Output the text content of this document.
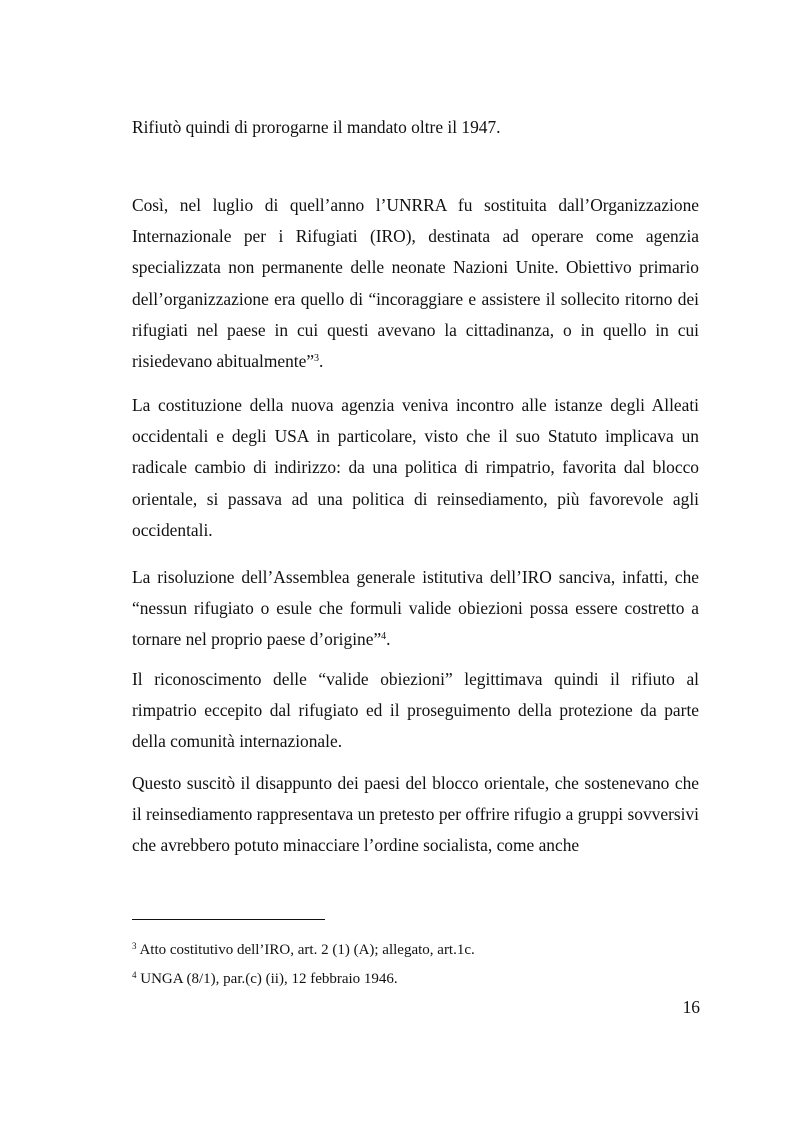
Rifiutò quindi di prorogarne il mandato oltre il 1947.

Così, nel luglio di quell’anno l’UNRRA fu sostituita dall’Organizzazione Internazionale per i Rifugiati (IRO), destinata ad operare come agenzia specializzata non permanente delle neonate Nazioni Unite. Obiettivo primario dell’organizzazione era quello di “incoraggiare e assistere il sollecito ritorno dei rifugiati nel paese in cui questi avevano la cittadinanza, o in quello in cui risiedevano abitualmente”$^3$.

La costituzione della nuova agenzia veniva incontro alle istanze degli Alleati occidentali e degli USA in particolare, visto che il suo Statuto implicava un radicale cambio di indirizzo: da una politica di rimpatrio, favorita dal blocco orientale, si passava ad una politica di reinsediamento, più favorevole agli occidentali.

La risoluzione dell’Assemblea generale istitutiva dell’IRO sanciva, infatti, che “nessun rifugiato o esule che formuli valide obiezioni possa essere costretto a tornare nel proprio paese d’origine”$^4$.

Il riconoscimento delle “valide obiezioni” legittimava quindi il rifiuto al rimpatrio eccepito dal rifugiato ed il proseguimento della protezione da parte della comunità internazionale.

Questo suscitò il disappunto dei paesi del blocco orientale, che sostenevano che il reinsediamento rappresentava un pretesto per offrire rifugio a gruppi sovversivi che avrebbero potuto minacciare l’ordine socialista, come anche

$^3$ Atto costitutivo dell’IRO, art. 2 (1) (A); allegato, art.1c.

$^4$ UNGA (8/1), par.(c) (ii), 12 febbraio 1946.

16
